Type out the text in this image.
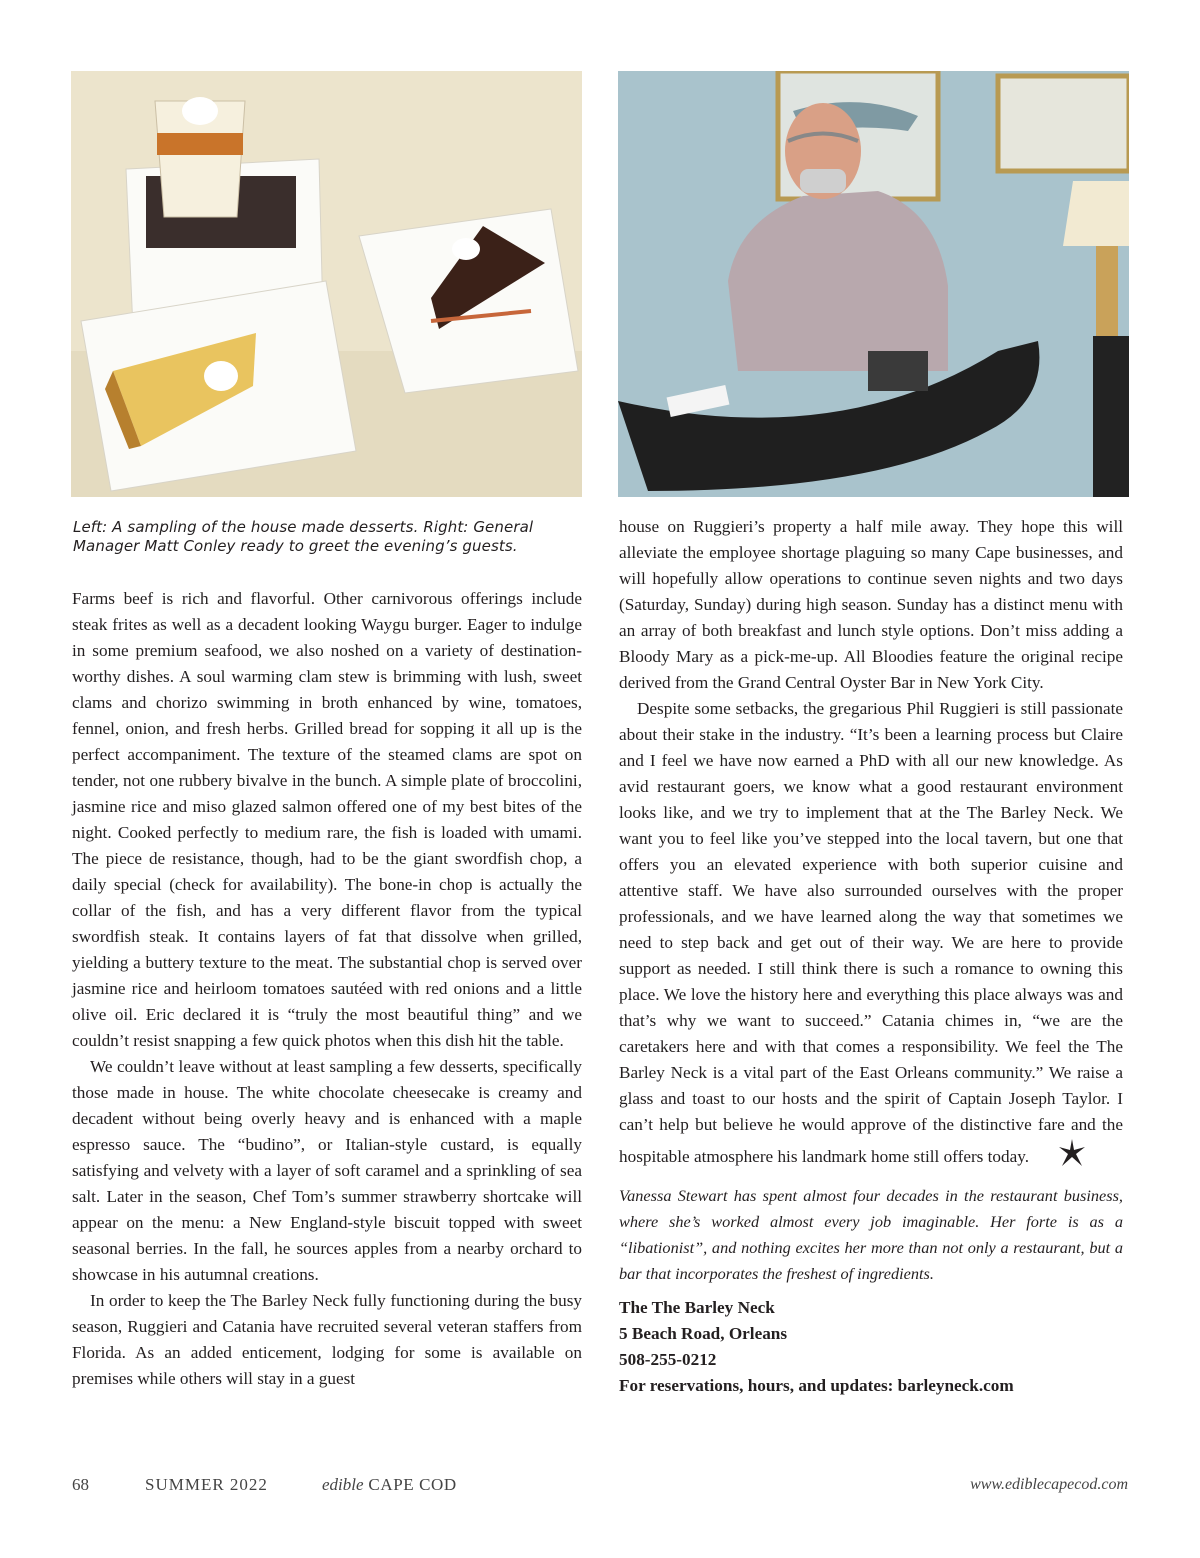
Left: A sampling of the house made desserts. Right: General Manager Matt Conley ready to greet the evening’s guests.

Farms beef is rich and flavorful. Other carnivorous offerings include steak frites as well as a decadent looking Waygu burger. Eager to indulge in some premium seafood, we also noshed on a variety of destination-worthy dishes. A soul warming clam stew is brimming with lush, sweet clams and chorizo swimming in broth enhanced by wine, tomatoes, fennel, onion, and fresh herbs. Grilled bread for sopping it all up is the perfect accompaniment. The texture of the steamed clams are spot on tender, not one rubbery bivalve in the bunch. A simple plate of broccolini, jasmine rice and miso glazed salmon offered one of my best bites of the night. Cooked perfectly to medium rare, the fish is loaded with umami. The piece de resistance, though, had to be the giant swordfish chop, a daily special (check for availability). The bone-in chop is actually the collar of the fish, and has a very different flavor from the typical swordfish steak. It contains layers of fat that dissolve when grilled, yielding a buttery texture to the meat. The substantial chop is served over jasmine rice and heirloom tomatoes sautéed with red onions and a little olive oil. Eric declared it is “truly the most beautiful thing” and we couldn’t resist snapping a few quick photos when this dish hit the table.

We couldn’t leave without at least sampling a few desserts, specifically those made in house. The white chocolate cheesecake is creamy and decadent without being overly heavy and is enhanced with a maple espresso sauce. The “budino”, or Italian-style custard, is equally satisfying and velvety with a layer of soft caramel and a sprinkling of sea salt. Later in the season, Chef Tom’s summer strawberry shortcake will appear on the menu: a New England-style biscuit topped with sweet seasonal berries. In the fall, he sources apples from a nearby orchard to showcase in his autumnal creations.

In order to keep the The Barley Neck fully functioning during the busy season, Ruggieri and Catania have recruited several veteran staffers from Florida. As an added enticement, lodging for some is available on premises while others will stay in a guest

house on Ruggieri’s property a half mile away. They hope this will alleviate the employee shortage plaguing so many Cape businesses, and will hopefully allow operations to continue seven nights and two days (Saturday, Sunday) during high season. Sunday has a distinct menu with an array of both breakfast and lunch style options. Don’t miss adding a Bloody Mary as a pick-me-up. All Bloodies feature the original recipe derived from the Grand Central Oyster Bar in New York City.

Despite some setbacks, the gregarious Phil Ruggieri is still passionate about their stake in the industry. “It’s been a learning process but Claire and I feel we have now earned a PhD with all our new knowledge. As avid restaurant goers, we know what a good restaurant environment looks like, and we try to implement that at the The Barley Neck. We want you to feel like you’ve stepped into the local tavern, but one that offers you an elevated experience with both superior cuisine and attentive staff. We have also surrounded ourselves with the proper professionals, and we have learned along the way that sometimes we need to step back and get out of their way. We are here to provide support as needed. I still think there is such a romance to owning this place. We love the history here and everything this place always was and that’s why we want to succeed.” Catania chimes in, “we are the caretakers here and with that comes a responsibility. We feel the The Barley Neck is a vital part of the East Orleans community.” We raise a glass and toast to our hosts and the spirit of Captain Joseph Taylor. I can’t help but believe he would approve of the distinctive fare and the hospitable atmosphere his landmark home still offers today.

Vanessa Stewart has spent almost four decades in the restaurant business, where she’s worked almost every job imaginable. Her forte is as a “libationist”, and nothing excites her more than not only a restaurant, but a bar that incorporates the freshest of ingredients.

The The Barley Neck
5 Beach Road, Orleans
508-255-0212
For reservations, hours, and updates: barleyneck.com
68	SUMMER 2022	edible CAPE COD	www.ediblecapecod.com
